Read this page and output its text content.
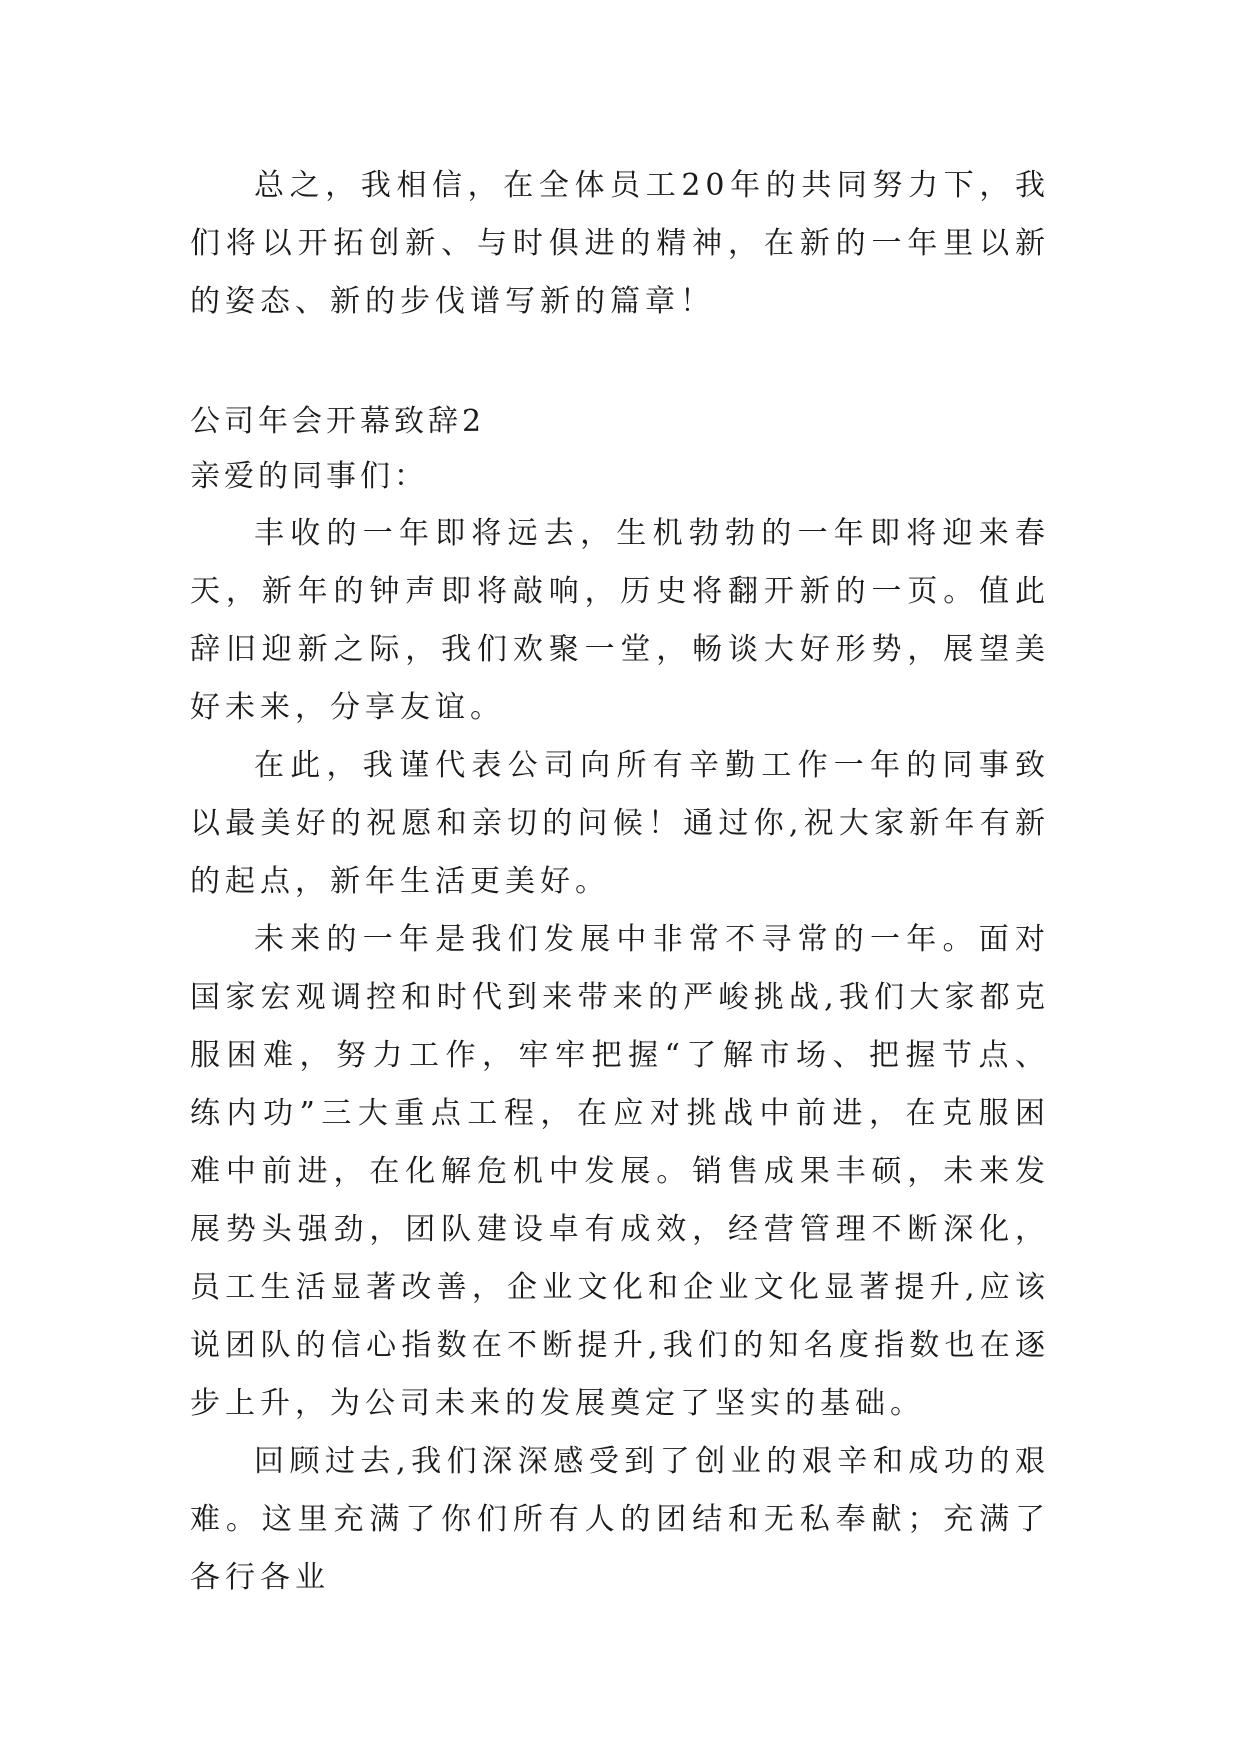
总之，我相信，在全体员工20年的共同努力下，我们将以开拓创新、与时俱进的精神，在新的一年里以新的姿态、新的步伐谱写新的篇章！

公司年会开幕致辞2

亲爱的同事们：

丰收的一年即将远去，生机勃勃的一年即将迎来春天，新年的钟声即将敲响，历史将翻开新的一页。值此辞旧迎新之际，我们欢聚一堂，畅谈大好形势，展望美好未来，分享友谊。

在此，我谨代表公司向所有辛勤工作一年的同事致以最美好的祝愿和亲切的问候！通过你,祝大家新年有新的起点，新年生活更美好。

未来的一年是我们发展中非常不寻常的一年。面对国家宏观调控和时代到来带来的严峻挑战,我们大家都克服困难，努力工作，牢牢把握“了解市场、把握节点、练内功”三大重点工程，在应对挑战中前进，在克服困难中前进，在化解危机中发展。销售成果丰硕，未来发展势头强劲，团队建设卓有成效，经营管理不断深化，员工生活显著改善，企业文化和企业文化显著提升,应该说团队的信心指数在不断提升,我们的知名度指数也在逐步上升，为公司未来的发展奠定了坚实的基础。

回顾过去,我们深深感受到了创业的艰辛和成功的艰难。这里充满了你们所有人的团结和无私奉献；充满了各行各业
